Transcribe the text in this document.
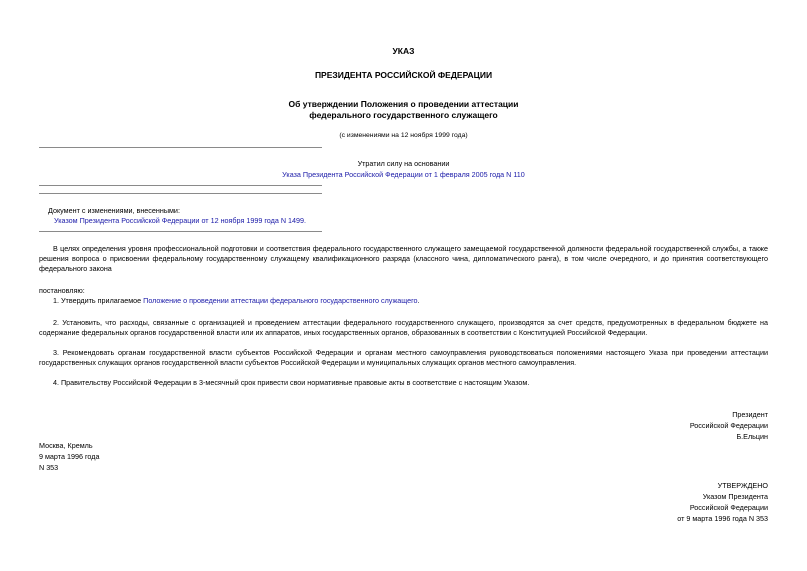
УКАЗ
ПРЕЗИДЕНТА РОССИЙСКОЙ ФЕДЕРАЦИИ
Об утверждении Положения о проведении аттестации
федерального государственного служащего
(с изменениями на 12 ноября 1999 года)
Утратил силу на основании
Указа Президента Российской Федерации от 1 февраля 2005 года N 110
Документ с изменениями, внесенными:
Указом Президента Российской Федерации от 12 ноября 1999 года N 1499.
В целях определения уровня профессиональной подготовки и соответствия федерального государственного служащего замещаемой государственной должности федеральной государственной службы, а также решения вопроса о присвоении федеральному государственному служащему квалификационного разряда (классного чина, дипломатического ранга), в том числе очередного, и до принятия соответствующего федерального закона
постановляю:
1. Утвердить прилагаемое Положение о проведении аттестации федерального государственного служащего.
2. Установить, что расходы, связанные с организацией и проведением аттестации федерального государственного служащего, производятся за счет средств, предусмотренных в федеральном бюджете на содержание федеральных органов государственной власти или их аппаратов, иных государственных органов, образованных в соответствии с Конституцией Российской Федерации.
3. Рекомендовать органам государственной власти субъектов Российской Федерации и органам местного самоуправления руководствоваться положениями настоящего Указа при проведении аттестации государственных служащих органов государственной власти субъектов Российской Федерации и муниципальных служащих органов местного самоуправления.
4. Правительству Российской Федерации в 3-месячный срок привести свои нормативные правовые акты в соответствие с настоящим Указом.
Президент
Российской Федерации
Б.Ельцин
Москва, Кремль
9 марта 1996 года
N 353
УТВЕРЖДЕНО
Указом Президента
Российской Федерации
от 9 марта 1996 года N 353
